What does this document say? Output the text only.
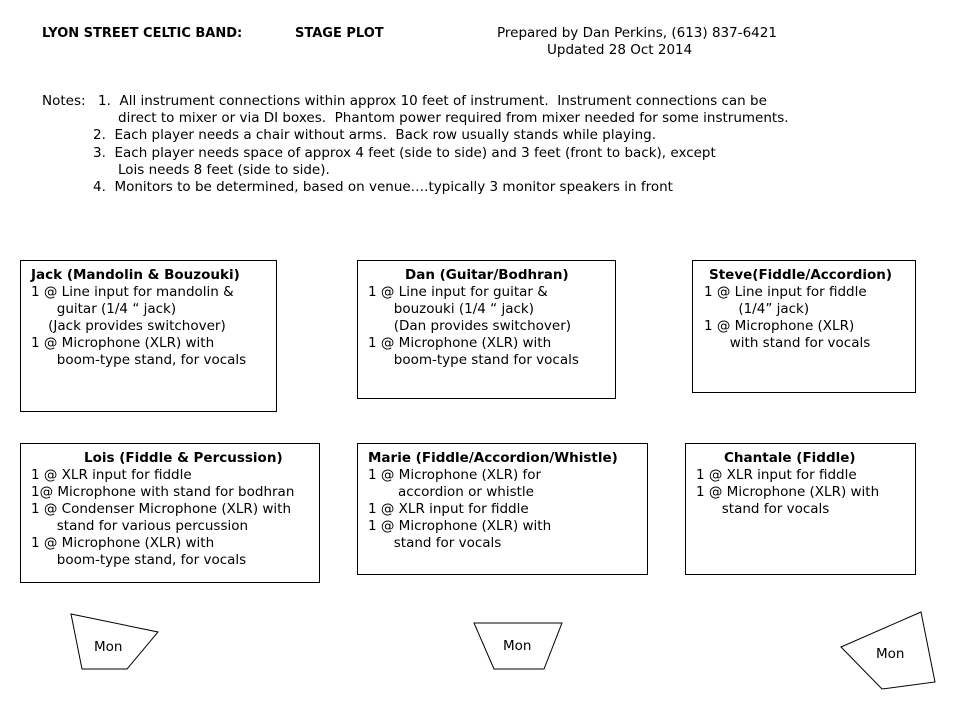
LYON STREET CELTIC BAND:	STAGE PLOT	Prepared by Dan Perkins, (613) 837-6421
Updated 28 Oct 2014
Notes: 1.  All instrument connections within approx 10 feet of instrument.  Instrument connections can be
direct to mixer or via DI boxes.  Phantom power required from mixer needed for some instruments.
2.  Each player needs a chair without arms.  Back row usually stands while playing.
3.  Each player needs space of approx 4 feet (side to side) and 3 feet (front to back), except
Lois needs 8 feet (side to side).
4.  Monitors to be determined, based on venue….typically 3 monitor speakers in front
Jack (Mandolin & Bouzouki)
1 @ Line input for mandolin &
guitar (1/4 “ jack)
(Jack provides switchover)
1 @ Microphone (XLR) with
boom-type stand, for vocals
Dan (Guitar/Bodhran)
1 @ Line input for guitar &
bouzouki (1/4 “ jack)
(Dan provides switchover)
1 @ Microphone (XLR) with
boom-type stand for vocals
Steve(Fiddle/Accordion)
1 @ Line input for fiddle
(1/4” jack)
1 @ Microphone (XLR)
with stand for vocals
Lois (Fiddle & Percussion)
1 @ XLR input for fiddle
1@ Microphone with stand for bodhran
1 @ Condenser Microphone (XLR) with
stand for various percussion
1 @ Microphone (XLR) with
boom-type stand, for vocals
Marie (Fiddle/Accordion/Whistle)
1 @ Microphone (XLR) for
accordion or whistle
1 @ XLR input for fiddle
1 @ Microphone (XLR) with
stand for vocals
Chantale (Fiddle)
1 @ XLR input for fiddle
1 @ Microphone (XLR) with
stand for vocals
Mon	Mon	Mon
